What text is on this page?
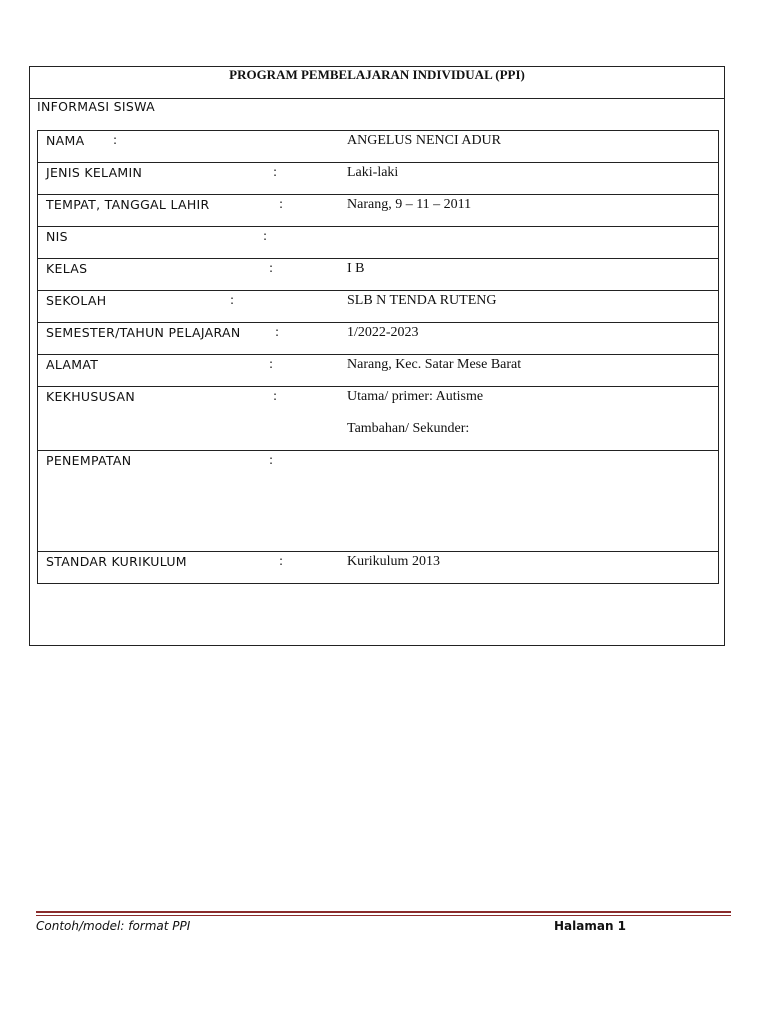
PROGRAM PEMBELAJARAN INDIVIDUAL (PPI)
INFORMASI SISWA
NAMA :	ANGELUS NENCI ADUR
JENIS KELAMIN	:	Laki-laki
TEMPAT, TANGGAL LAHIR	:	Narang, 9 – 11 – 2011
NIS	:
KELAS	:	I B
SEKOLAH	:	SLB N TENDA RUTENG
SEMESTER/TAHUN PELAJARAN	:	1/2022-2023
ALAMAT	:	Narang, Kec. Satar Mese Barat
KEKHUSUSAN	:	Utama/ primer: Autisme
Tambahan/ Sekunder:
PENEMPATAN	:
STANDAR KURIKULUM	:	Kurikulum 2013
Contoh/model: format PPI	Halaman 1
